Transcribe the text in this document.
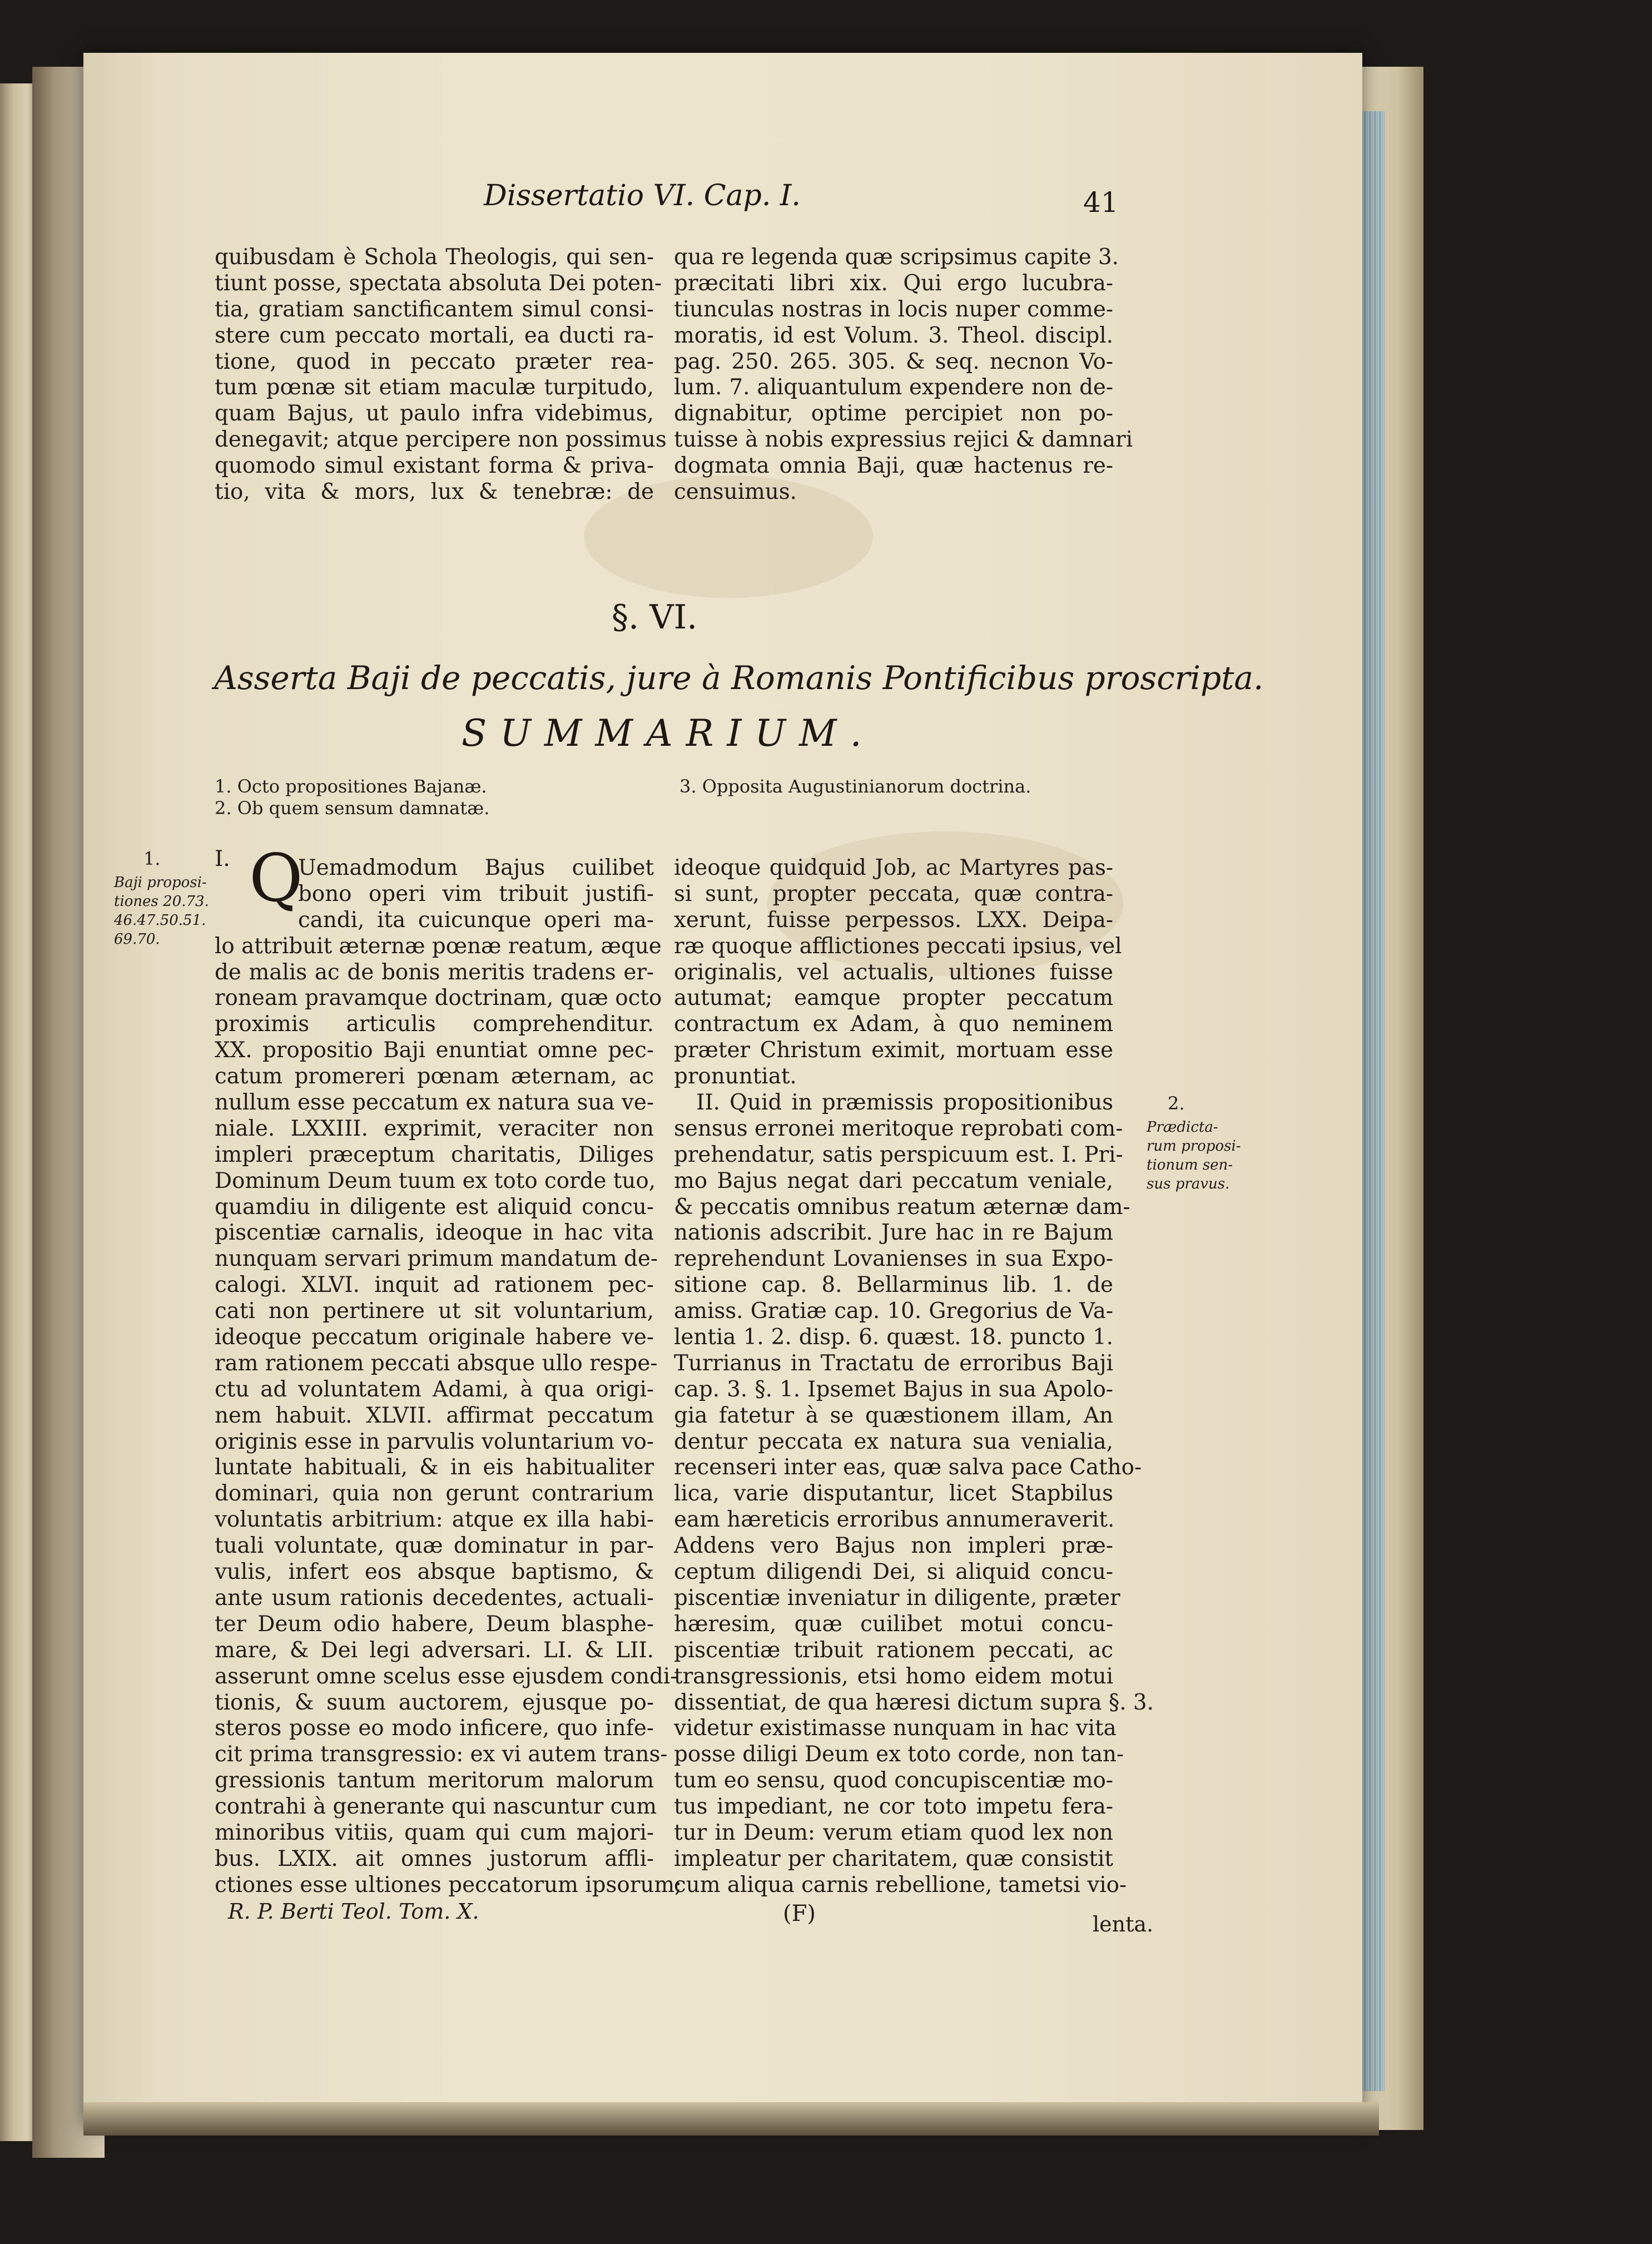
Dissertatio VI. Cap. I.	41
quibusdam è Schola Theologis, qui sen-
tiunt posse, spectata absoluta Dei poten-
tia, gratiam sanctificantem simul consi-
stere cum peccato mortali, ea ducti ra-
tione, quod in peccato præter rea-
tum pœnæ sit etiam maculæ turpitudo,
quam Bajus, ut paulo infra videbimus,
denegavit; atque percipere non possimus
quomodo simul existant forma & priva-
tio, vita & mors, lux & tenebræ: de
qua re legenda quæ scripsimus capite 3.
præcitati libri xix. Qui ergo lucubra-
tiunculas nostras in locis nuper comme-
moratis, id est Volum. 3. Theol. discipl.
pag. 250. 265. 305. & seq. necnon Vo-
lum. 7. aliquantulum expendere non de-
dignabitur, optime percipiet non po-
tuisse à nobis expressius rejici & damnari
dogmata omnia Baji, quæ hactenus re-
censuimus.
§. VI.
Asserta Baji de peccatis, jure à Romanis Pontificibus proscripta.
SUMMARIUM.
1. Octo propositiones Bajanæ.
2. Ob quem sensum damnatæ.
3. Opposita Augustinianorum doctrina.
1.
Baji proposi-
tiones 20.73.
46.47.50.51.
69.70.
2.
Prædicta-
rum proposi-
tionum sen-
sus pravus.
I. Q
Uemadmodum Bajus cuilibet
bono operi vim tribuit justifi-
candi, ita cuicunque operi ma-
lo attribuit æternæ pœnæ reatum, æque
de malis ac de bonis meritis tradens er-
roneam pravamque doctrinam, quæ octo
proximis articulis comprehenditur.
XX. propositio Baji enuntiat omne pec-
catum promereri pœnam æternam, ac
nullum esse peccatum ex natura sua ve-
niale. LXXIII. exprimit, veraciter non
impleri præceptum charitatis, Diliges
Dominum Deum tuum ex toto corde tuo,
quamdiu in diligente est aliquid concu-
piscentiæ carnalis, ideoque in hac vita
nunquam servari primum mandatum de-
calogi. XLVI. inquit ad rationem pec-
cati non pertinere ut sit voluntarium,
ideoque peccatum originale habere ve-
ram rationem peccati absque ullo respe-
ctu ad voluntatem Adami, à qua origi-
nem habuit. XLVII. affirmat peccatum
originis esse in parvulis voluntarium vo-
luntate habituali, & in eis habitualiter
dominari, quia non gerunt contrarium
voluntatis arbitrium: atque ex illa habi-
tuali voluntate, quæ dominatur in par-
vulis, infert eos absque baptismo, &
ante usum rationis decedentes, actuali-
ter Deum odio habere, Deum blasphe-
mare, & Dei legi adversari. LI. & LII.
asserunt omne scelus esse ejusdem condi-
tionis, & suum auctorem, ejusque po-
steros posse eo modo inficere, quo infe-
cit prima transgressio: ex vi autem trans-
gressionis tantum meritorum malorum
contrahi à generante qui nascuntur cum
minoribus vitiis, quam qui cum majori-
bus. LXIX. ait omnes justorum affli-
ctiones esse ultiones peccatorum ipsorum;
ideoque quidquid Job, ac Martyres pas-
si sunt, propter peccata, quæ contra-
xerunt, fuisse perpessos. LXX. Deipa-
ræ quoque afflictiones peccati ipsius, vel
originalis, vel actualis, ultiones fuisse
autumat; eamque propter peccatum
contractum ex Adam, à quo neminem
præter Christum eximit, mortuam esse
pronuntiat.
II. Quid in præmissis propositionibus
sensus erronei meritoque reprobati com-
prehendatur, satis perspicuum est. I. Pri-
mo Bajus negat dari peccatum veniale,
& peccatis omnibus reatum æternæ dam-
nationis adscribit. Jure hac in re Bajum
reprehendunt Lovanienses in sua Expo-
sitione cap. 8. Bellarminus lib. 1. de
amiss. Gratiæ cap. 10. Gregorius de Va-
lentia 1. 2. disp. 6. quæst. 18. puncto 1.
Turrianus in Tractatu de erroribus Baji
cap. 3. §. 1. Ipsemet Bajus in sua Apolo-
gia fatetur à se quæstionem illam, An
dentur peccata ex natura sua venialia,
recenseri inter eas, quæ salva pace Catho-
lica, varie disputantur, licet Stapbilus
eam hæreticis erroribus annumeraverit.
Addens vero Bajus non impleri præ-
ceptum diligendi Dei, si aliquid concu-
piscentiæ inveniatur in diligente, præter
hæresim, quæ cuilibet motui concu-
piscentiæ tribuit rationem peccati, ac
transgressionis, etsi homo eidem motui
dissentiat, de qua hæresi dictum supra §. 3.
videtur existimasse nunquam in hac vita
posse diligi Deum ex toto corde, non tan-
tum eo sensu, quod concupiscentiæ mo-
tus impediant, ne cor toto impetu fera-
tur in Deum: verum etiam quod lex non
impleatur per charitatem, quæ consistit
cum aliqua carnis rebellione, tametsi vio-
R. P. Berti Teol. Tom. X.	(F)	lenta.
